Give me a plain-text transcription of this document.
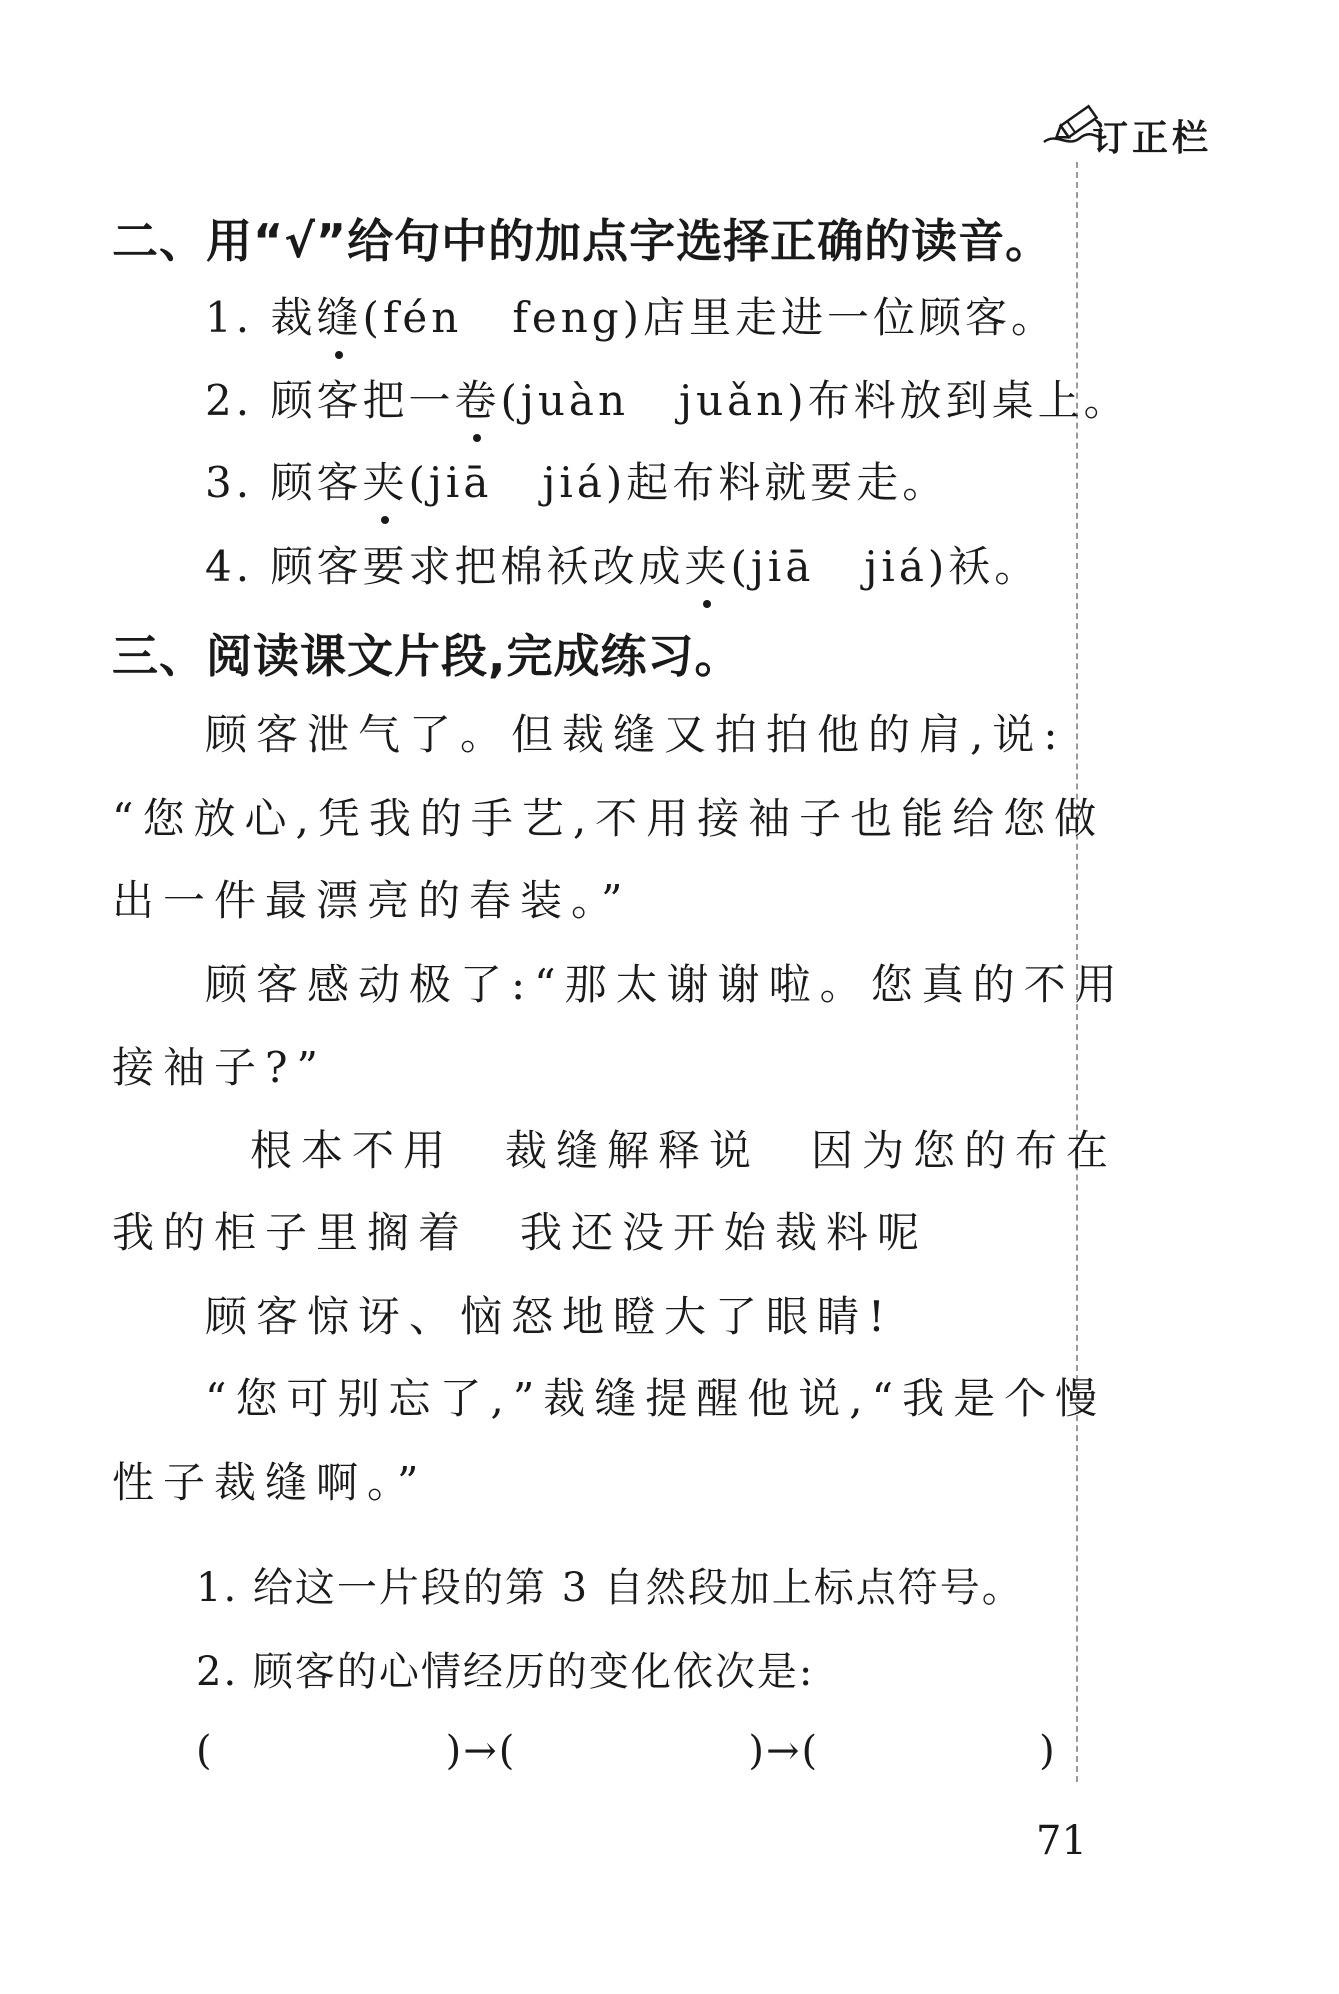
订正栏
二、用“√”给句中的加点字选择正确的读音。
1. 裁缝(fén feng)店里走进一位顾客。
2. 顾客把一卷(juàn juǎn)布料放到桌上。
3. 顾客夹(jiā jiá)起布料就要走。
4. 顾客要求把棉袄改成夹(jiā jiá)袄。
三、阅读课文片段,完成练习。
顾客泄气了。但裁缝又拍拍他的肩,说:
“您放心,凭我的手艺,不用接袖子也能给您做
出一件最漂亮的春装。”
顾客感动极了:“那太谢谢啦。您真的不用
接袖子?”
根本不用　裁缝解释说　因为您的布在
我的柜子里搁着　我还没开始裁料呢
顾客惊讶、恼怒地瞪大了眼睛!
“您可别忘了,”裁缝提醒他说,“我是个慢
性子裁缝啊。”
1. 给这一片段的第 3 自然段加上标点符号。
2. 顾客的心情经历的变化依次是:
(	)→(	)→(	)
71
